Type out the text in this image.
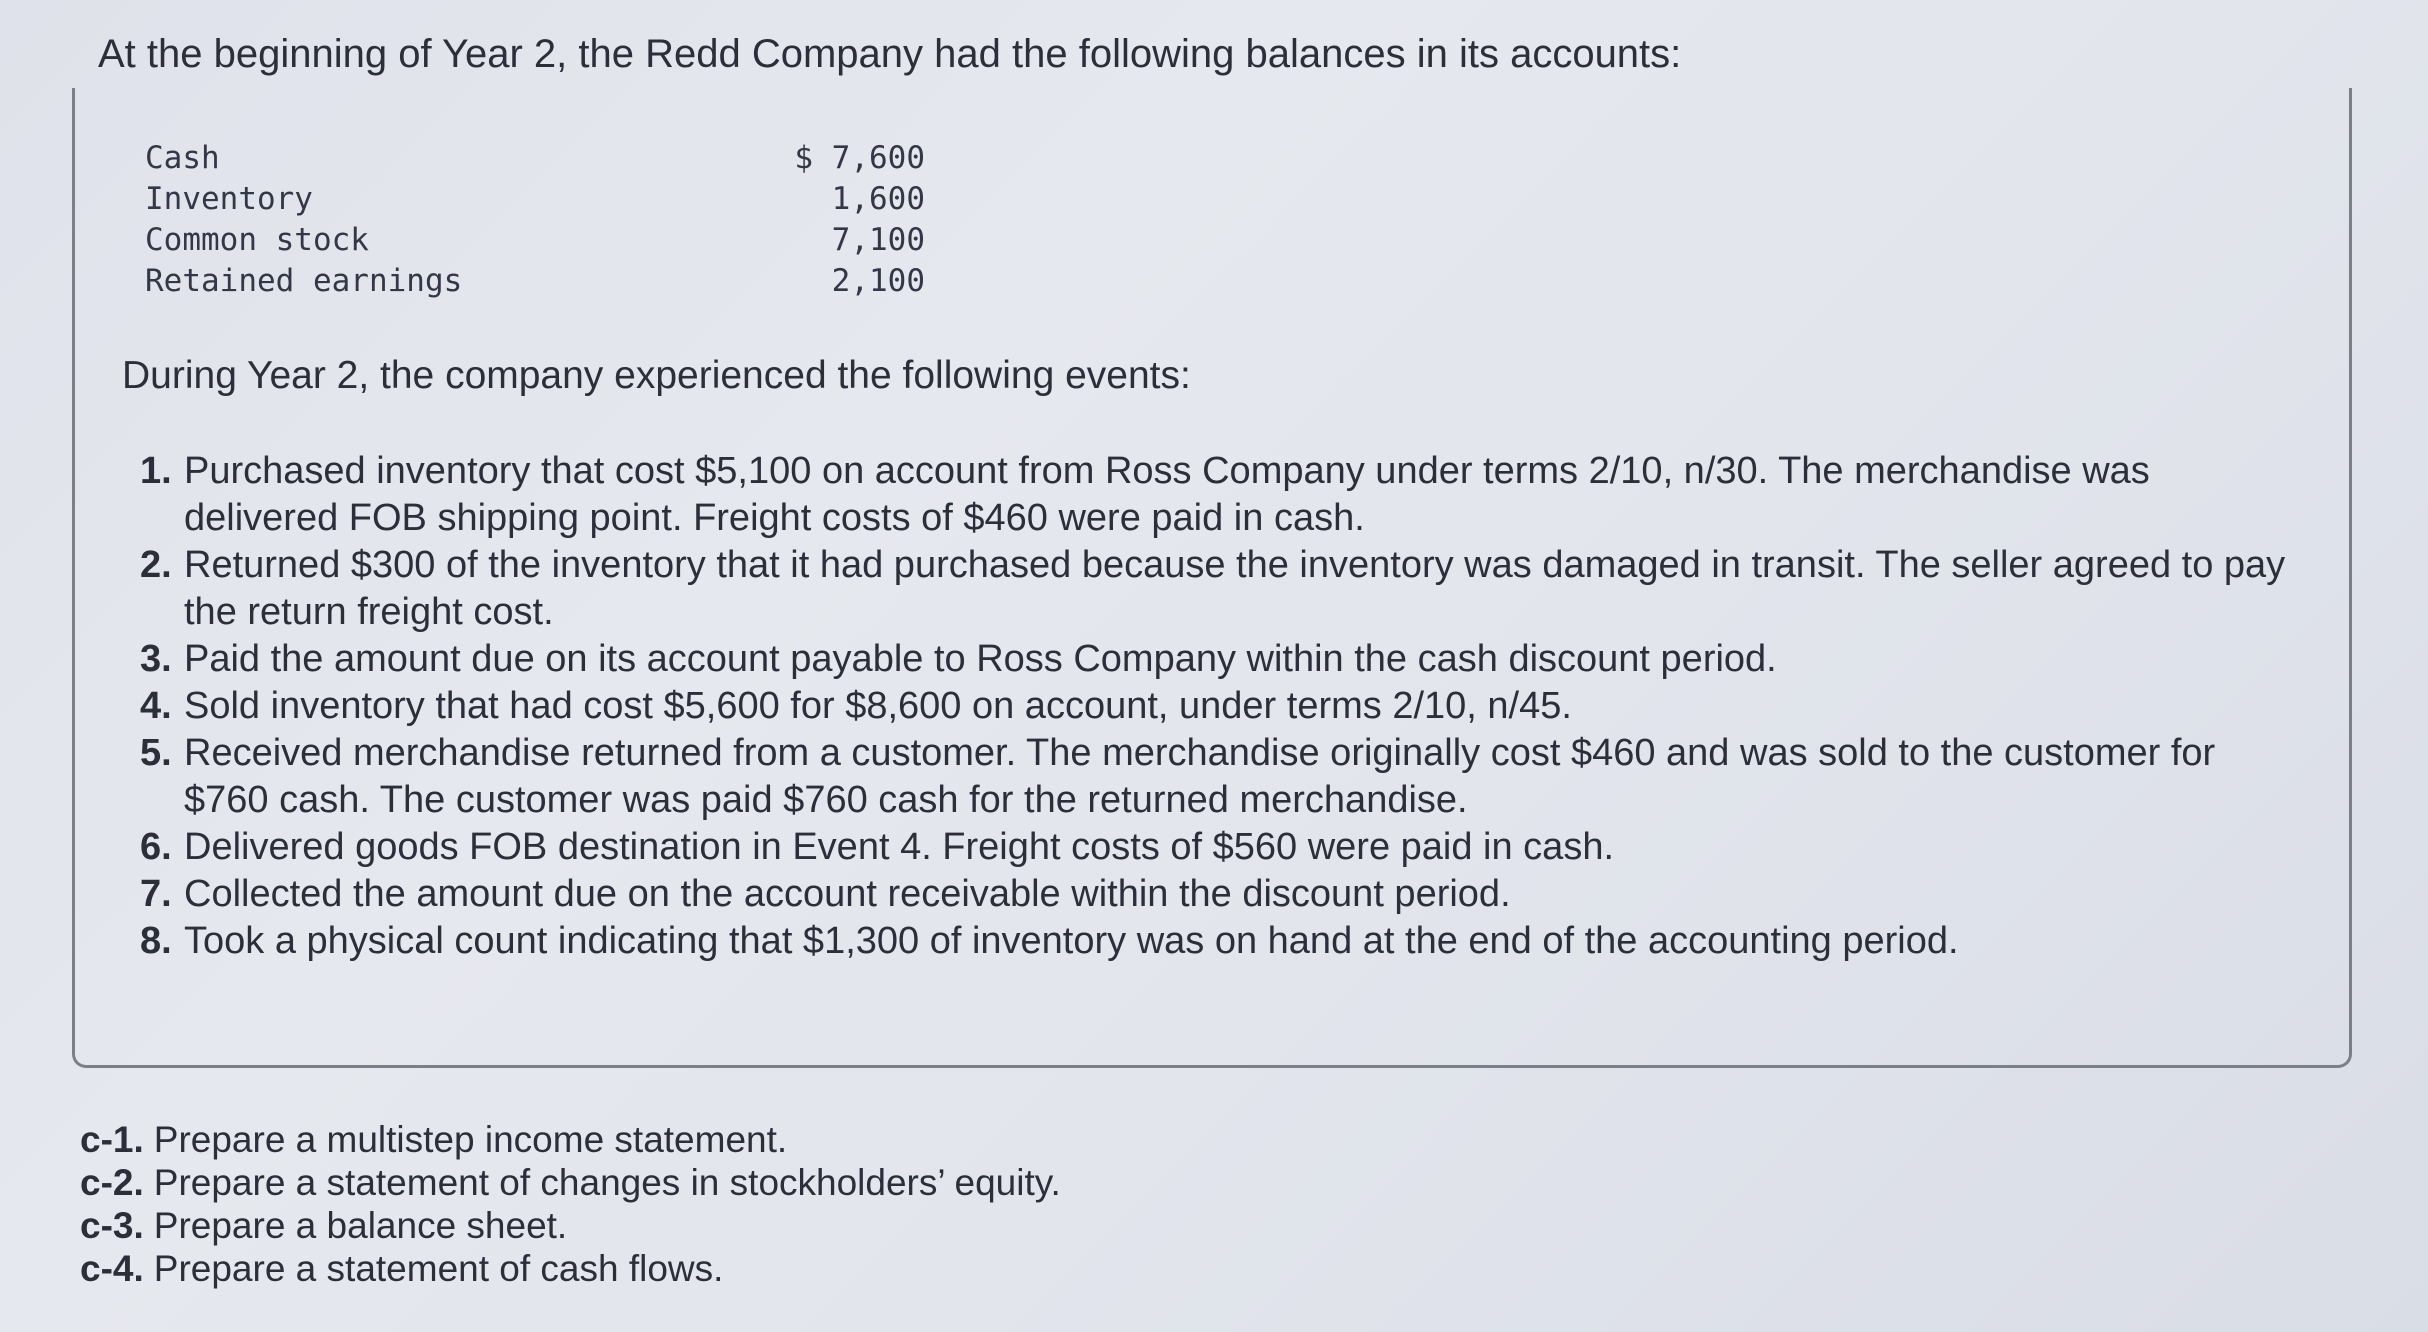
At the beginning of Year 2, the Redd Company had the following balances in its accounts:
Cash	$ 7,600
Inventory	1,600
Common stock	7,100
Retained earnings	2,100
During Year 2, the company experienced the following events:
1. Purchased inventory that cost $5,100 on account from Ross Company under terms 2/10, n/30. The merchandise was delivered FOB shipping point. Freight costs of $460 were paid in cash.
2. Returned $300 of the inventory that it had purchased because the inventory was damaged in transit. The seller agreed to pay the return freight cost.
3. Paid the amount due on its account payable to Ross Company within the cash discount period.
4. Sold inventory that had cost $5,600 for $8,600 on account, under terms 2/10, n/45.
5. Received merchandise returned from a customer. The merchandise originally cost $460 and was sold to the customer for $760 cash. The customer was paid $760 cash for the returned merchandise.
6. Delivered goods FOB destination in Event 4. Freight costs of $560 were paid in cash.
7. Collected the amount due on the account receivable within the discount period.
8. Took a physical count indicating that $1,300 of inventory was on hand at the end of the accounting period.
c-1. Prepare a multistep income statement.
c-2. Prepare a statement of changes in stockholders’ equity.
c-3. Prepare a balance sheet.
c-4. Prepare a statement of cash flows.
